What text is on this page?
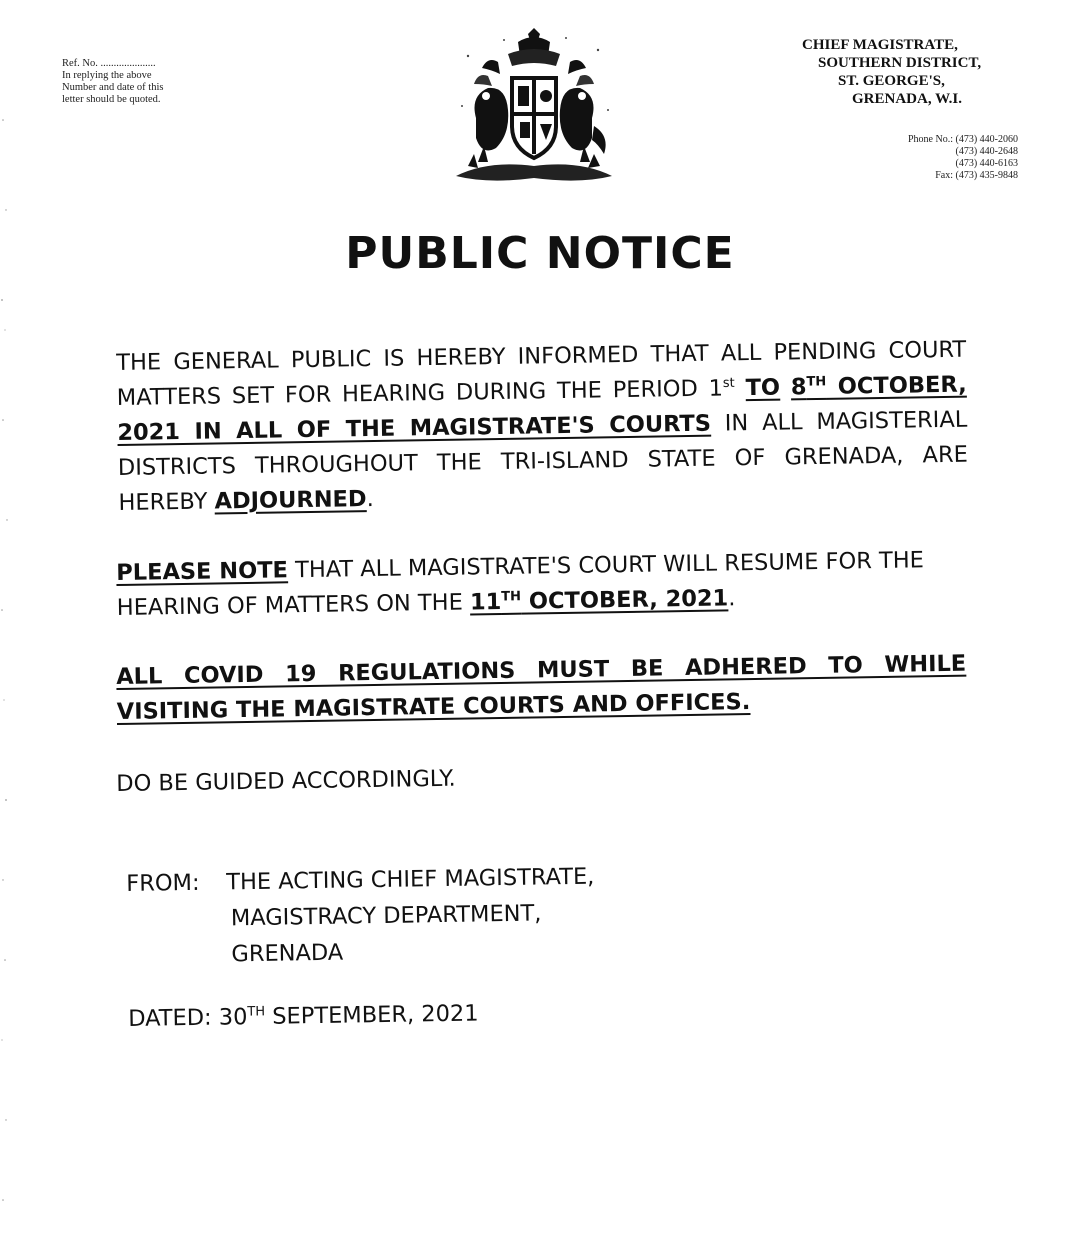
Ref. No. .....................
In replying the above
Number and date of this
letter should be quoted.
CHIEF MAGISTRATE,
SOUTHERN DISTRICT,
ST. GEORGE'S,
GRENADA, W.I.
Phone No.: (473) 440-2060
(473) 440-2648
(473) 440-6163
Fax: (473) 435-9848
PUBLIC NOTICE
THE GENERAL PUBLIC IS HEREBY INFORMED THAT ALL PENDING COURT MATTERS SET FOR HEARING DURING THE PERIOD 1st TO 8TH OCTOBER, 2021 IN ALL OF THE MAGISTRATE'S COURTS IN ALL MAGISTERIAL DISTRICTS THROUGHOUT THE TRI-ISLAND STATE OF GRENADA, ARE HEREBY ADJOURNED.
PLEASE NOTE THAT ALL MAGISTRATE'S COURT WILL RESUME FOR THE HEARING OF MATTERS ON THE 11TH OCTOBER, 2021.
ALL COVID 19 REGULATIONS MUST BE ADHERED TO WHILE VISITING THE MAGISTRATE COURTS AND OFFICES.
DO BE GUIDED ACCORDINGLY.
FROM: THE ACTING CHIEF MAGISTRATE,
MAGISTRACY DEPARTMENT,
GRENADA
DATED: 30TH SEPTEMBER, 2021
